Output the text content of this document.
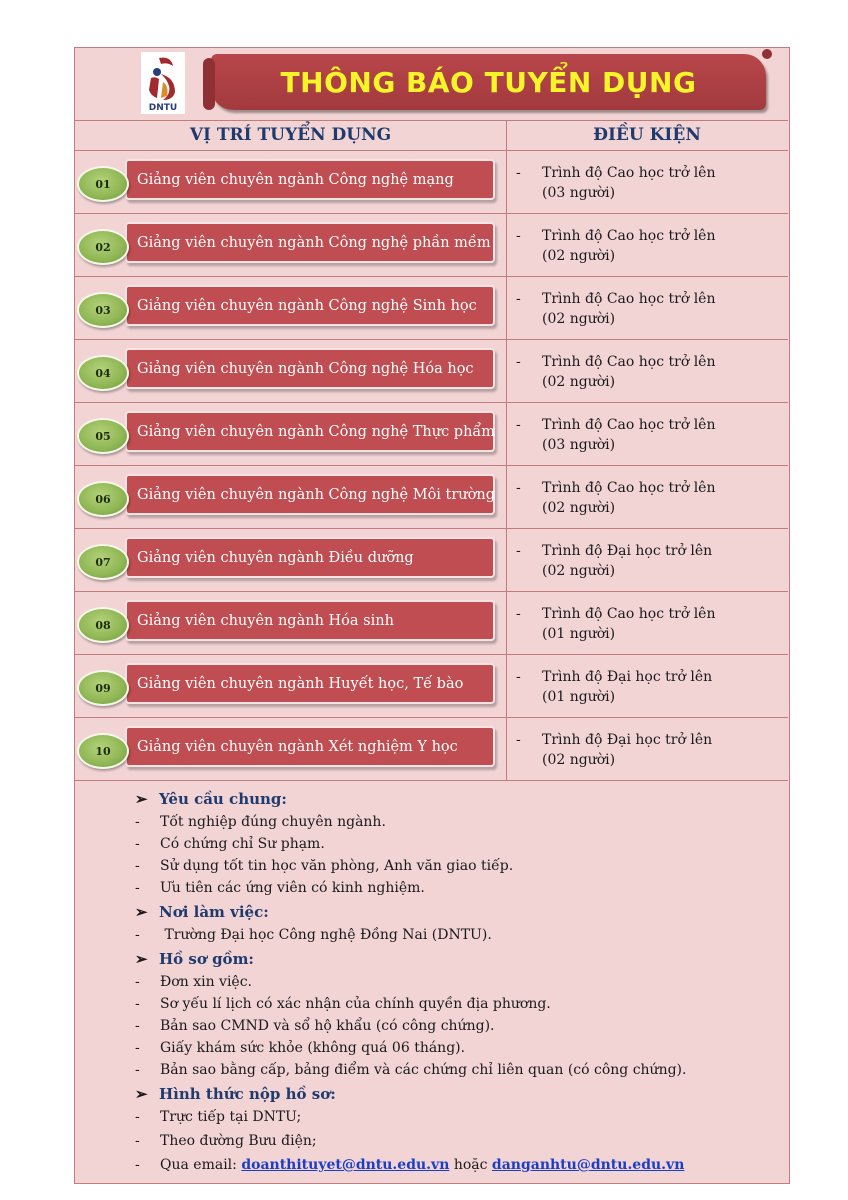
DNTU
THÔNG BÁO TUYỂN DỤNG
VỊ TRÍ TUYỂN DỤNG	ĐIỀU KIỆN
Giảng viên chuyên ngành Công nghệ mạng
01
- Trình độ Cao học trở lên
(03 người)
Giảng viên chuyên ngành Công nghệ phần mềm
02
- Trình độ Cao học trở lên
(02 người)
Giảng viên chuyên ngành Công nghệ Sinh học
03
- Trình độ Cao học trở lên
(02 người)
Giảng viên chuyên ngành Công nghệ Hóa học
04
- Trình độ Cao học trở lên
(02 người)
Giảng viên chuyên ngành Công nghệ Thực phẩm
05
- Trình độ Cao học trở lên
(03 người)
Giảng viên chuyên ngành Công nghệ Môi trường
06
- Trình độ Cao học trở lên
(02 người)
Giảng viên chuyên ngành Điều dưỡng
07
- Trình độ Đại học trở lên
(02 người)
Giảng viên chuyên ngành Hóa sinh
08
- Trình độ Cao học trở lên
(01 người)
Giảng viên chuyên ngành Huyết học, Tế bào
09
- Trình độ Đại học trở lên
(01 người)
Giảng viên chuyên ngành Xét nghiệm Y học
10
- Trình độ Đại học trở lên
(02 người)
➢ Yêu cầu chung:
- Tốt nghiệp đúng chuyên ngành.
- Có chứng chỉ Sư phạm.
- Sử dụng tốt tin học văn phòng, Anh văn giao tiếp.
- Ưu tiên các ứng viên có kinh nghiệm.
➢ Nơi làm việc:
- Trường Đại học Công nghệ Đồng Nai (DNTU).
➢ Hồ sơ gồm:
- Đơn xin việc.
- Sơ yếu lí lịch có xác nhận của chính quyền địa phương.
- Bản sao CMND và sổ hộ khẩu (có công chứng).
- Giấy khám sức khỏe (không quá 06 tháng).
- Bản sao bằng cấp, bảng điểm và các chứng chỉ liên quan (có công chứng).
➢ Hình thức nộp hồ sơ:
- Trực tiếp tại DNTU;
- Theo đường Bưu điện;
- Qua email: doanthituyet@dntu.edu.vn hoặc danganhtu@dntu.edu.vn
